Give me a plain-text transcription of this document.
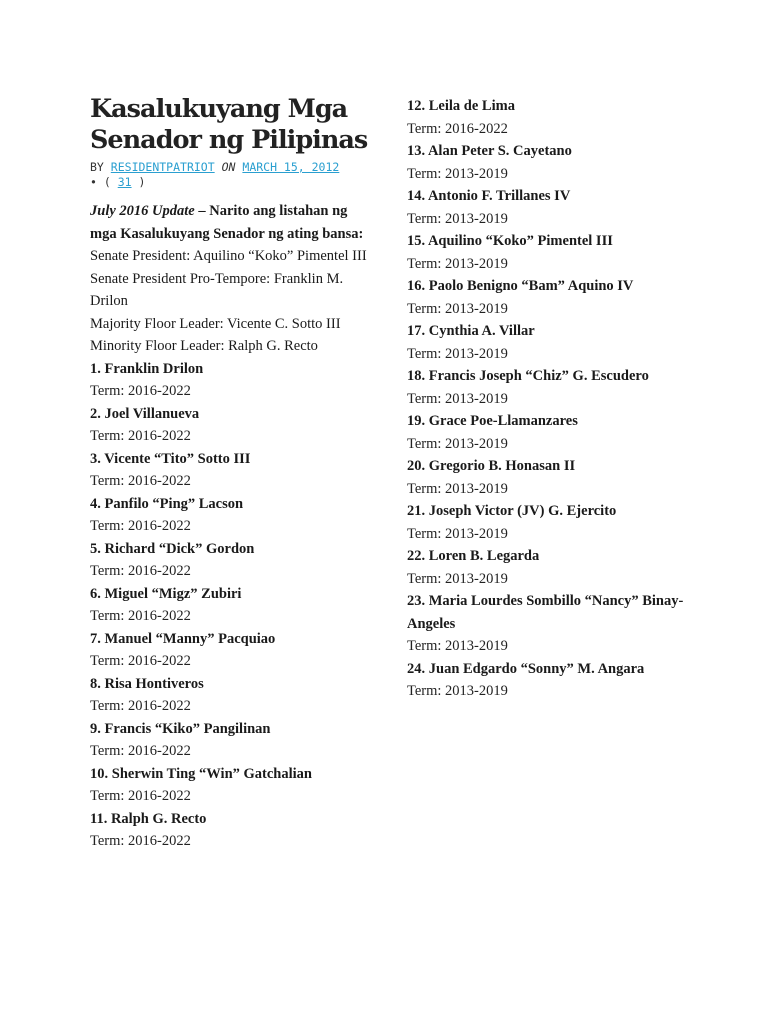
Kasalukuyang Mga
Senador ng Pilipinas
BY RESIDENTPATRIOT ON MARCH 15, 2012
• ( 31 )

July 2016 Update – Narito ang listahan ng mga Kasalukuyang Senador ng ating bansa:

Senate President: Aquilino “Koko” Pimentel III

Senate President Pro-Tempore: Franklin M. Drilon

Majority Floor Leader: Vicente C. Sotto III

Minority Floor Leader: Ralph G. Recto

1. Franklin Drilon

Term: 2016-2022

2. Joel Villanueva

Term: 2016-2022

3. Vicente “Tito” Sotto III

Term: 2016-2022

4. Panfilo “Ping” Lacson

Term: 2016-2022

5. Richard “Dick” Gordon

Term: 2016-2022

6. Miguel “Migz” Zubiri

Term: 2016-2022

7. Manuel “Manny” Pacquiao

Term: 2016-2022

8. Risa Hontiveros

Term: 2016-2022

9. Francis “Kiko” Pangilinan

Term: 2016-2022

10. Sherwin Ting “Win” Gatchalian

Term: 2016-2022

11. Ralph G. Recto

Term: 2016-2022

12. Leila de Lima

Term: 2016-2022

13. Alan Peter S. Cayetano

Term: 2013-2019

14. Antonio F. Trillanes IV

Term: 2013-2019

15. Aquilino “Koko” Pimentel III

Term: 2013-2019

16. Paolo Benigno “Bam” Aquino IV

Term: 2013-2019

17. Cynthia A. Villar

Term: 2013-2019

18. Francis Joseph “Chiz” G. Escudero

Term: 2013-2019

19. Grace Poe-Llamanzares

Term: 2013-2019

20. Gregorio B. Honasan II

Term: 2013-2019

21. Joseph Victor (JV) G. Ejercito

Term: 2013-2019

22. Loren B. Legarda

Term: 2013-2019

23. Maria Lourdes Sombillo “Nancy” Binay-Angeles

Term: 2013-2019

24. Juan Edgardo “Sonny” M. Angara

Term: 2013-2019
